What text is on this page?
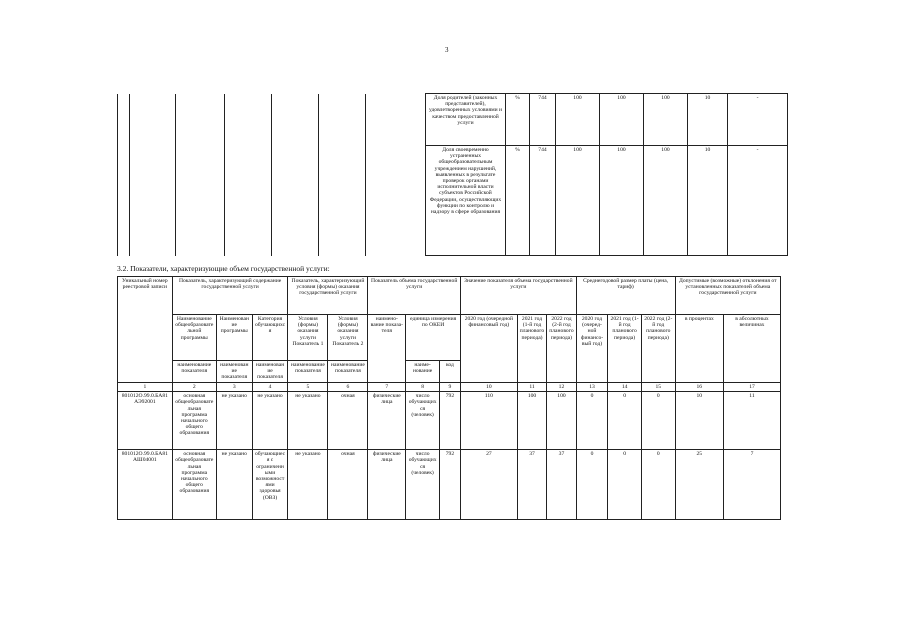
3
							Доля родителей (законных представителей), удовлетворенных условиями и качеством предоставленной услуги	%	744	100	100	100	10	-
							Доля своевременно устраненных общеобразовательным учреждением нарушений, выявленных в результате проверок органами исполнительной власти субъектов Российской Федерации, осуществляющих функции по контролю и надзору в сфере образования	%	744	100	100	100	10	-
3.2. Показатели, характеризующие объем государственной услуги:
Уникальный номер реестровой записи	Показатель, характеризующий содержание государственной услуги			Показатель, характеризующий условия (формы) оказания государственной услуги		Показатель объема государственной услуги			Значение показателя объема государственной услуги			Среднегодовой размер платы (цена, тариф)			Допустимые (возможные) отклонения от установленных показателей объема государственной услуги	
	Наименование общеобразовательной программы	Наименование программы	Категория обучающихся	Условия (формы) оказания услуги Показатель 1	Условия (формы) оказания услуги Показатель 2	наимено-вание показа-теля	единица измерения по ОКЕИ		2020 год (очередной финансовый год)	2021 год (1-й год планового периода)	2022 год (2-й год планового периода)	2020 год (очеред-ной финансо-вый год)	2021 год (1-й год планового периода)	2022 год (2-й год планового периода)	в процентах	в абсолютных величинах
	наименование показателя	наименование показателя	наименование показателя	наименование показателя	наименование показателя		наиме-нование	код								
1	2	3	4	5	6	7	8	9	10	11	12	13	14	15	16	17
801012О.99.0.БА81АЭ92001	основная общеобразовательная программа начального общего образования	не указано	не указано	не указано	очная	физические лица	число обучающихся (человек)	792	110	100	100	0	0	0	10	11
801012О.99.0.БА81АШ04001	основная общеобразовательная программа начального общего образования	не указано	обучающиеся с ограниченными возможностями здоровья (ОВЗ)	не указано	очная	физические лица	число обучающихся (человек)	792	27	37	37	0	0	0	25	7
